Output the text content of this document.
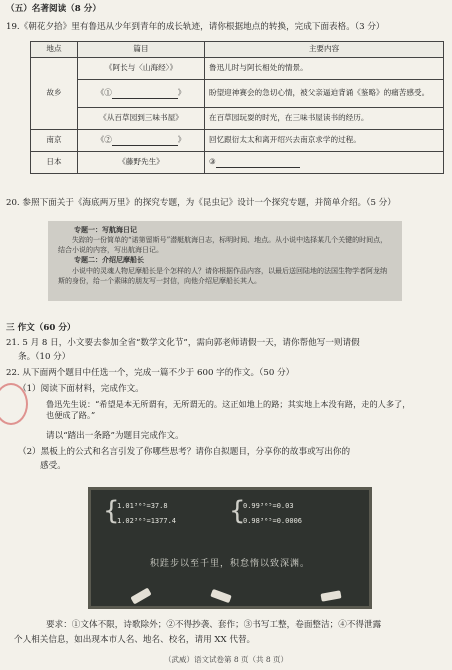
（五）名著阅读（8 分）
19.《朝花夕拾》里有鲁迅从少年到青年的成长轨迹，请你根据地点的转换，完成下面表格。（3 分）
地点	篇目	主要内容
故乡	《阿长与〈山海经〉》	鲁迅儿时与阿长相处的情景。
	《① 》	盼望迎神赛会的急切心情，被父亲逼迫背诵《鉴略》的痛苦感受。
	《从百草园到三味书屋》	在百草园玩耍的时光，在三味书屋读书的经历。
南京	《② 》	回忆跟衍太太和离开绍兴去南京求学的过程。
日本	《藤野先生》	③
20. 参照下面关于《海底两万里》的探究专题，为《昆虫记》设计一个探究专题，并简单介绍。（5 分）
专题一：写航海日记
失踪的一份简单的“诺第留斯号”潜艇航海日志，标明时间、地点。从小说中选择某几个关键的时间点，结合小说的内容，写出航海日记。
专题二：介绍尼摩船长
小说中的灵魂人物尼摩船长是个怎样的人？请你根据作品内容，以最后送回陆地的法国生物学者阿龙纳斯的身份，给一个素昧的朋友写一封信，向他介绍尼摩船长其人。
三 作文（60 分）
21. 5 月 8 日，小文要去参加全省“数学文化节”，需向郭老师请假一天，请你帮他写一则请假
条。（10 分）
22. 从下面两个题目中任选一个，完成一篇不少于 600 字的作文。（50 分）
（1）阅读下面材料，完成作文。
鲁迅先生说：“希望是本无所谓有，无所谓无的。这正如地上的路；其实地上本没有路，走的人多了，也便成了路。”
请以“踏出一条路”为题目完成作文。
（2）黑板上的公式和名言引发了你哪些思考？请你自拟题目，分享你的故事或写出你的
感受。
{
1.01³⁶⁵=37.8
1.02³⁶⁵=1377.4 {
0.99³⁶⁵=0.03
0.98³⁶⁵=0.0006
积跬步以至千里，积怠惰以致深渊。
要求：①文体不限，诗歌除外；②不得抄袭、套作；③书写工整，卷面整洁；④不得泄露
个人相关信息，如出现本市人名、地名、校名，请用 XX 代替。
（武威）语文试卷第 8 页（共 8 页）
